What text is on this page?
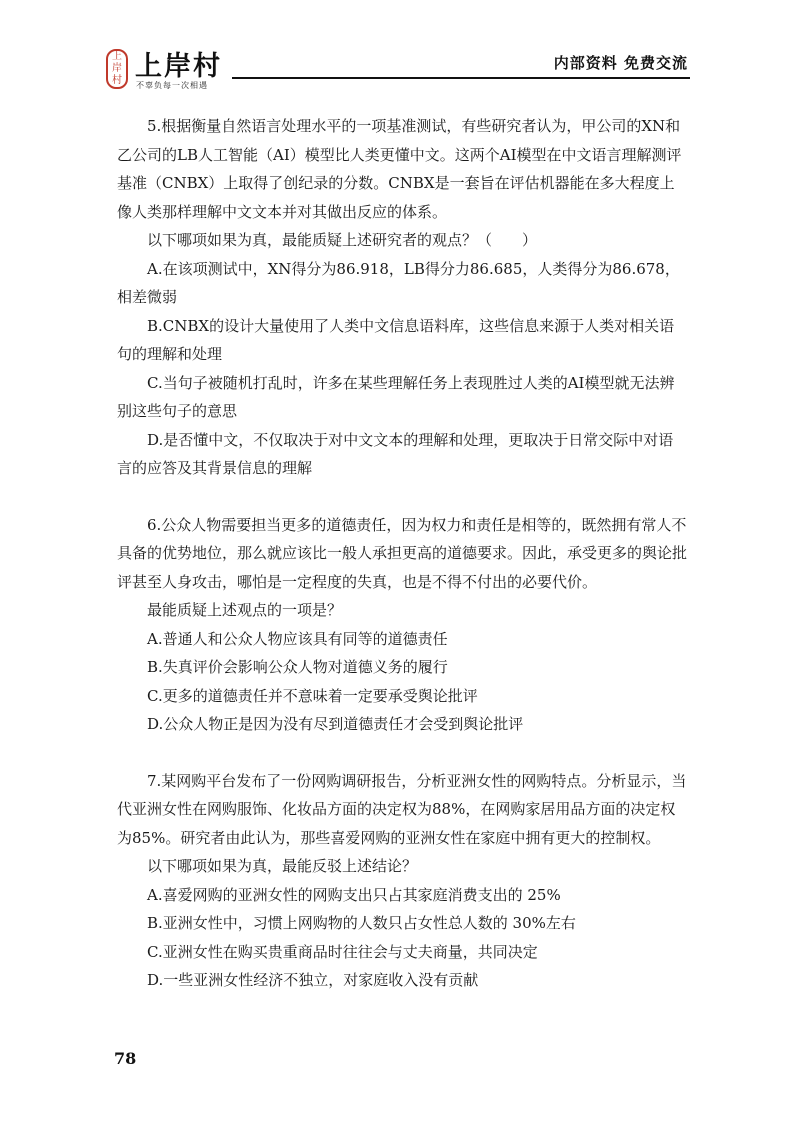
上
岸
村 上岸村
不辜负每一次相遇
内部资料 免费交流

5.根据衡量自然语言处理水平的一项基准测试，有些研究者认为，甲公司的XN和乙公司的LB人工智能（AI）模型比人类更懂中文。这两个AI模型在中文语言理解测评基准（CNBX）上取得了创纪录的分数。CNBX是一套旨在评估机器能在多大程度上像人类那样理解中文文本并对其做出反应的体系。

以下哪项如果为真，最能质疑上述研究者的观点？（　　）

A.在该项测试中，XN得分为86.918，LB得分力86.685，人类得分为86.678，相差微弱

B.CNBX的设计大量使用了人类中文信息语料库，这些信息来源于人类对相关语句的理解和处理

C.当句子被随机打乱时，许多在某些理解任务上表现胜过人类的AI模型就无法辨别这些句子的意思

D.是否懂中文，不仅取决于对中文文本的理解和处理，更取决于日常交际中对语言的应答及其背景信息的理解

6.公众人物需要担当更多的道德责任，因为权力和责任是相等的，既然拥有常人不具备的优势地位，那么就应该比一般人承担更高的道德要求。因此，承受更多的舆论批评甚至人身攻击，哪怕是一定程度的失真，也是不得不付出的必要代价。

最能质疑上述观点的一项是？

A.普通人和公众人物应该具有同等的道德责任

B.失真评价会影响公众人物对道德义务的履行

C.更多的道德责任并不意味着一定要承受舆论批评

D.公众人物正是因为没有尽到道德责任才会受到舆论批评

7.某网购平台发布了一份网购调研报告，分析亚洲女性的网购特点。分析显示，当代亚洲女性在网购服饰、化妆品方面的决定权为88%，在网购家居用品方面的决定权为85%。研究者由此认为，那些喜爱网购的亚洲女性在家庭中拥有更大的控制权。

以下哪项如果为真，最能反驳上述结论？

A.喜爱网购的亚洲女性的网购支出只占其家庭消费支出的 25%

B.亚洲女性中，习惯上网购物的人数只占女性总人数的 30%左右

C.亚洲女性在购买贵重商品时往往会与丈夫商量，共同决定

D.一些亚洲女性经济不独立，对家庭收入没有贡献

78
